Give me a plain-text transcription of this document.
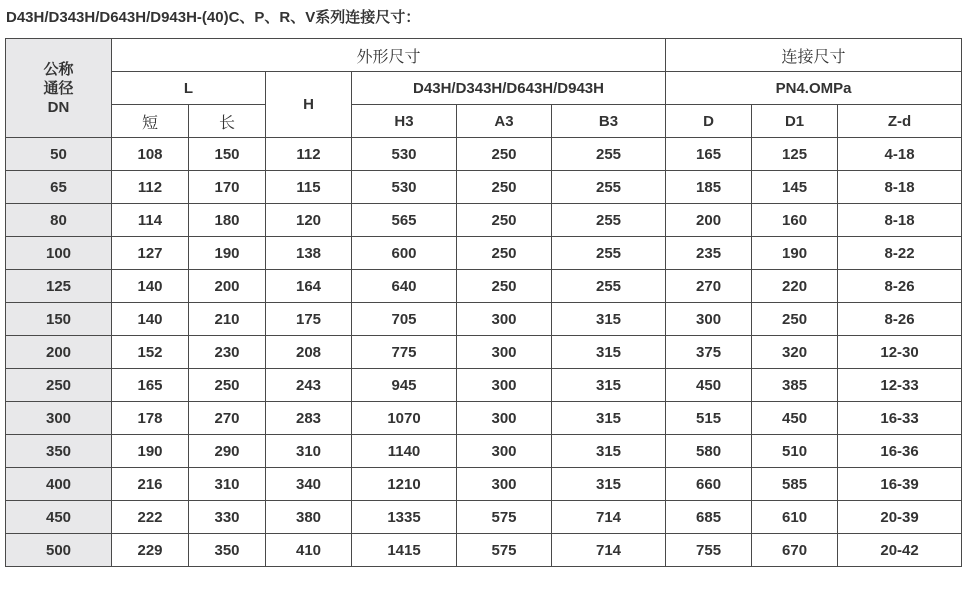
D43H/D343H/D643H/D943H-(40)C、P、R、V系列连接尺寸：
公称
通径
DN	外形尺寸						连接尺寸		
	L		H	D43H/D343H/D643H/D943H			PN4.OMPa		
	短	长		H3	A3	B3	D	D1	Z-d
50	108	150	112	530	250	255	165	125	4-18
65	112	170	115	530	250	255	185	145	8-18
80	114	180	120	565	250	255	200	160	8-18
100	127	190	138	600	250	255	235	190	8-22
125	140	200	164	640	250	255	270	220	8-26
150	140	210	175	705	300	315	300	250	8-26
200	152	230	208	775	300	315	375	320	12-30
250	165	250	243	945	300	315	450	385	12-33
300	178	270	283	1070	300	315	515	450	16-33
350	190	290	310	1140	300	315	580	510	16-36
400	216	310	340	1210	300	315	660	585	16-39
450	222	330	380	1335	575	714	685	610	20-39
500	229	350	410	1415	575	714	755	670	20-42
